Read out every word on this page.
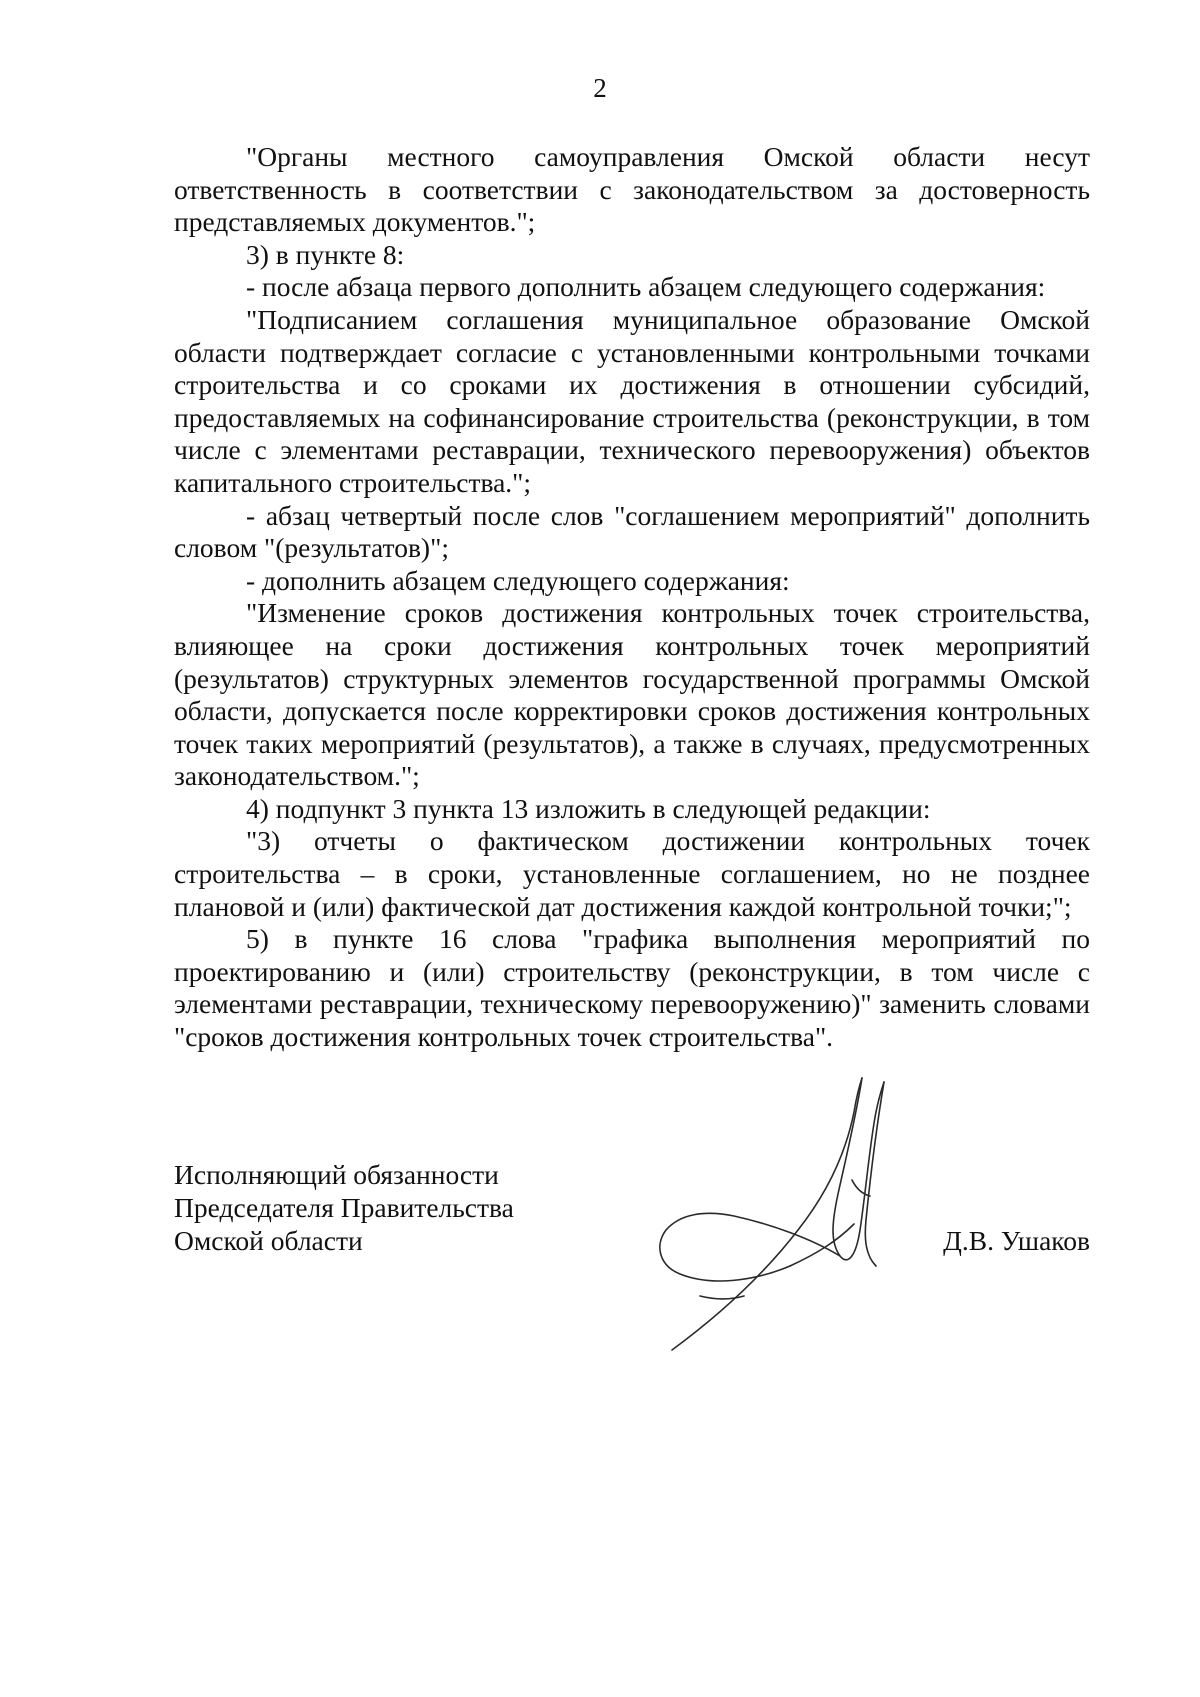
2

"Органы местного самоуправления Омской области несут ответственность в соответствии с законодательством за достоверность представляемых документов.";

3) в пункте 8:

- после абзаца первого дополнить абзацем следующего содержания:

"Подписанием соглашения муниципальное образование Омской области подтверждает согласие с установленными контрольными точками строительства и со сроками их достижения в отношении субсидий, предоставляемых на софинансирование строительства (реконструкции, в том числе с элементами реставрации, технического перевооружения) объектов капитального строительства.";

- абзац четвертый после слов "соглашением мероприятий" дополнить словом "(результатов)";

- дополнить абзацем следующего содержания:

"Изменение сроков достижения контрольных точек строительства, влияющее на сроки достижения контрольных точек мероприятий (результатов) структурных элементов государственной программы Омской области, допускается после корректировки сроков достижения контрольных точек таких мероприятий (результатов), а также в случаях, предусмотренных законодательством.";

4) подпункт 3 пункта 13 изложить в следующей редакции:

"3) отчеты о фактическом достижении контрольных точек строительства – в сроки, установленные соглашением, но не позднее плановой и (или) фактической дат достижения каждой контрольной точки;";

5) в пункте 16 слова "графика выполнения мероприятий по проектированию и (или) строительству (реконструкции, в том числе с элементами реставрации, техническому перевооружению)" заменить словами "сроков достижения контрольных точек строительства".

Исполняющий обязанности
Председателя Правительства
Омской области	Д.В. Ушаков
